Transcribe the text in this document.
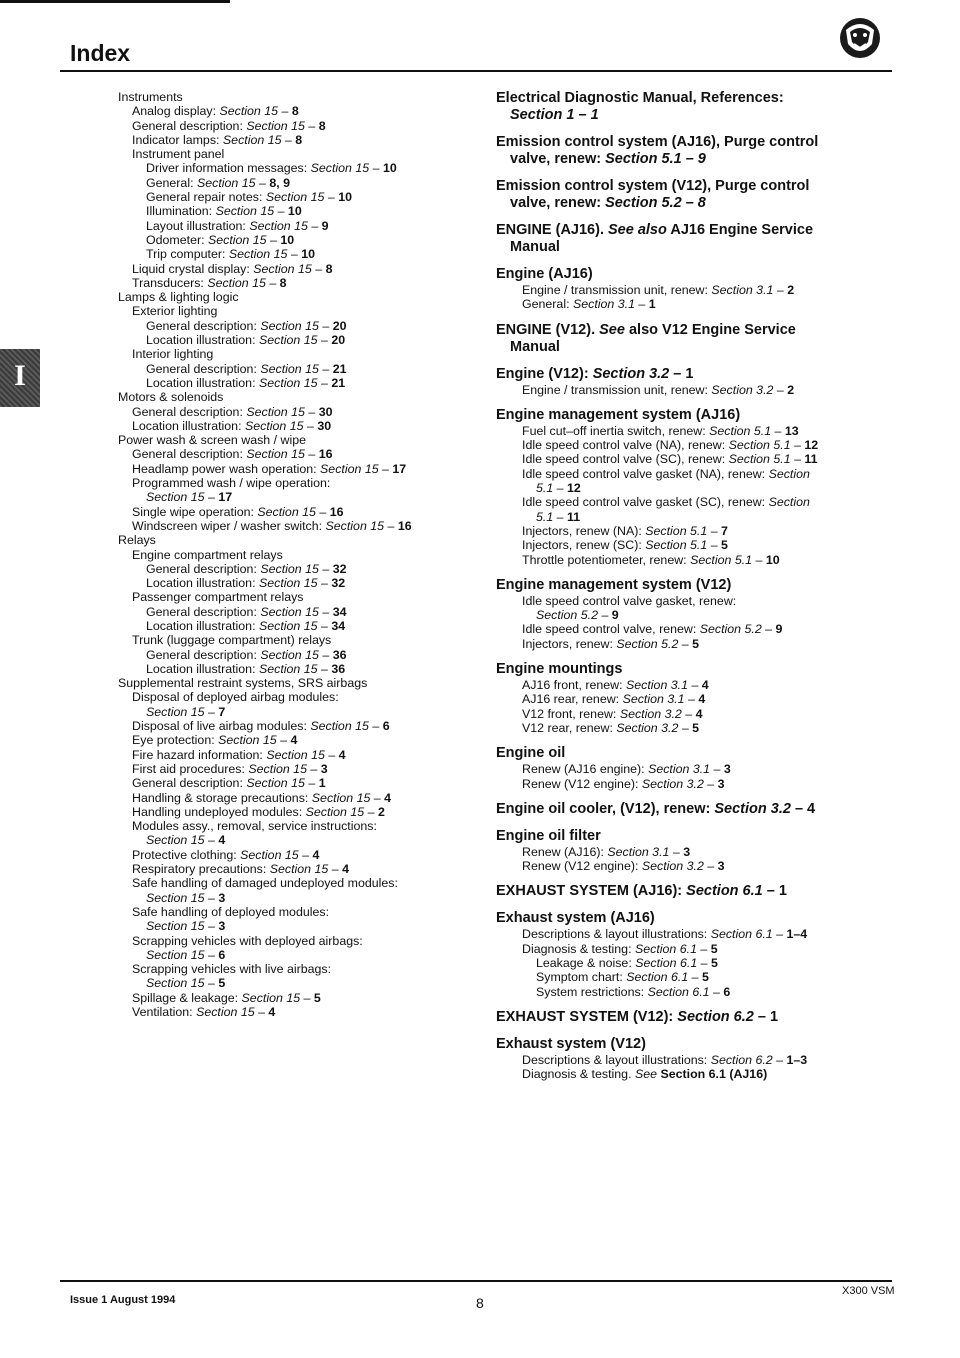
Index
I
Instruments
Analog display: Section 15 – 8
General description: Section 15 – 8
Indicator lamps: Section 15 – 8
Instrument panel
Driver information messages: Section 15 – 10
General: Section 15 – 8, 9
General repair notes: Section 15 – 10
Illumination: Section 15 – 10
Layout illustration: Section 15 – 9
Odometer: Section 15 – 10
Trip computer: Section 15 – 10
Liquid crystal display: Section 15 – 8
Transducers: Section 15 – 8
Lamps & lighting logic
Exterior lighting
General description: Section 15 – 20
Location illustration: Section 15 – 20
Interior lighting
General description: Section 15 – 21
Location illustration: Section 15 – 21
Motors & solenoids
General description: Section 15 – 30
Location illustration: Section 15 – 30
Power wash & screen wash / wipe
General description: Section 15 – 16
Headlamp power wash operation: Section 15 – 17
Programmed wash / wipe operation:
Section 15 – 17
Single wipe operation: Section 15 – 16
Windscreen wiper / washer switch: Section 15 – 16
Relays
Engine compartment relays
General description: Section 15 – 32
Location illustration: Section 15 – 32
Passenger compartment relays
General description: Section 15 – 34
Location illustration: Section 15 – 34
Trunk (luggage compartment) relays
General description: Section 15 – 36
Location illustration: Section 15 – 36
Supplemental restraint systems, SRS airbags
Disposal of deployed airbag modules:
Section 15 – 7
Disposal of live airbag modules: Section 15 – 6
Eye protection: Section 15 – 4
Fire hazard information: Section 15 – 4
First aid procedures: Section 15 – 3
General description: Section 15 – 1
Handling & storage precautions: Section 15 – 4
Handling undeployed modules: Section 15 – 2
Modules assy., removal, service instructions:
Section 15 – 4
Protective clothing: Section 15 – 4
Respiratory precautions: Section 15 – 4
Safe handling of damaged undeployed modules:
Section 15 – 3
Safe handling of deployed modules:
Section 15 – 3
Scrapping vehicles with deployed airbags:
Section 15 – 6
Scrapping vehicles with live airbags:
Section 15 – 5
Spillage & leakage: Section 15 – 5
Ventilation: Section 15 – 4
Electrical Diagnostic Manual, References:
Section 1 – 1
Emission control system (AJ16), Purge control
valve, renew: Section 5.1 – 9
Emission control system (V12), Purge control
valve, renew: Section 5.2 – 8
ENGINE (AJ16). See also AJ16 Engine Service
Manual
Engine (AJ16)
Engine / transmission unit, renew: Section 3.1 – 2
General: Section 3.1 – 1
ENGINE (V12). See also V12 Engine Service
Manual
Engine (V12): Section 3.2 – 1
Engine / transmission unit, renew: Section 3.2 – 2
Engine management system (AJ16)
Fuel cut–off inertia switch, renew: Section 5.1 – 13
Idle speed control valve (NA), renew: Section 5.1 – 12
Idle speed control valve (SC), renew: Section 5.1 – 11
Idle speed control valve gasket (NA), renew: Section
5.1 – 12
Idle speed control valve gasket (SC), renew: Section
5.1 – 11
Injectors, renew (NA): Section 5.1 – 7
Injectors, renew (SC): Section 5.1 – 5
Throttle potentiometer, renew: Section 5.1 – 10
Engine management system (V12)
Idle speed control valve gasket, renew:
Section 5.2 – 9
Idle speed control valve, renew: Section 5.2 – 9
Injectors, renew: Section 5.2 – 5
Engine mountings
AJ16 front, renew: Section 3.1 – 4
AJ16 rear, renew: Section 3.1 – 4
V12 front, renew: Section 3.2 – 4
V12 rear, renew: Section 3.2 – 5
Engine oil
Renew (AJ16 engine): Section 3.1 – 3
Renew (V12 engine): Section 3.2 – 3
Engine oil cooler, (V12), renew: Section 3.2 – 4
Engine oil filter
Renew (AJ16): Section 3.1 – 3
Renew (V12 engine): Section 3.2 – 3
EXHAUST SYSTEM (AJ16): Section 6.1 – 1
Exhaust system (AJ16)
Descriptions & layout illustrations: Section 6.1 – 1–4
Diagnosis & testing: Section 6.1 – 5
Leakage & noise: Section 6.1 – 5
Symptom chart: Section 6.1 – 5
System restrictions: Section 6.1 – 6
EXHAUST SYSTEM (V12): Section 6.2 – 1
Exhaust system (V12)
Descriptions & layout illustrations: Section 6.2 – 1–3
Diagnosis & testing. See Section 6.1 (AJ16)
Issue 1 August 1994	8
X300 VSM
